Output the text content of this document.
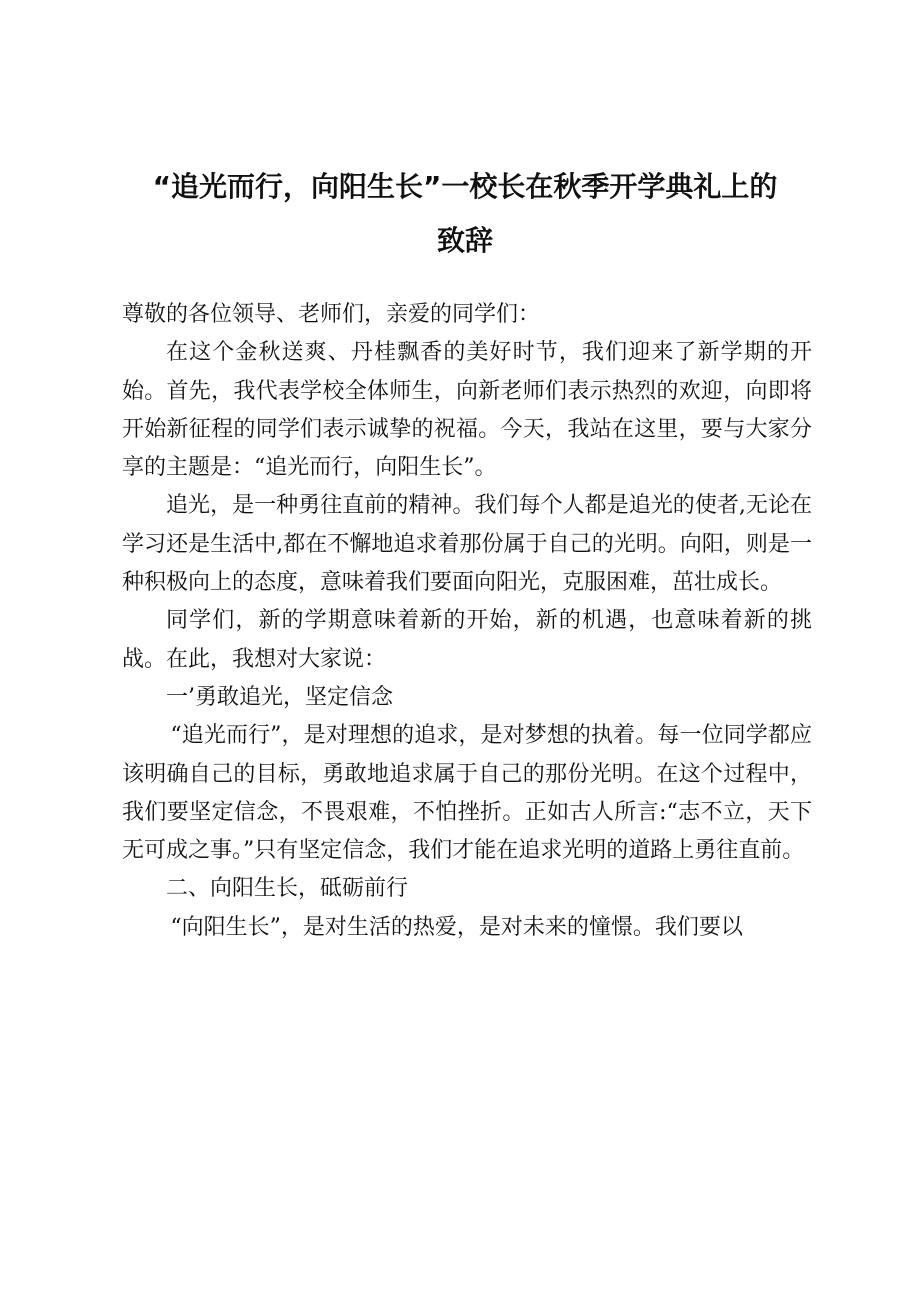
“追光而行，向阳生长”一校长在秋季开学典礼上的
致辞

尊敬的各位领导、老师们，亲爱的同学们：

在这个金秋送爽、丹桂飘香的美好时节，我们迎来了新学期的开始。首先，我代表学校全体师生，向新老师们表示热烈的欢迎，向即将开始新征程的同学们表示诚挚的祝福。今天，我站在这里，要与大家分享的主题是：“追光而行，向阳生长”。

追光，是一种勇往直前的精神。我们每个人都是追光的使者,无论在学习还是生活中,都在不懈地追求着那份属于自己的光明。向阳，则是一种积极向上的态度，意味着我们要面向阳光，克服困难，茁壮成长。

同学们，新的学期意味着新的开始，新的机遇，也意味着新的挑战。在此，我想对大家说：

一’勇敢追光，坚定信念

“追光而行”，是对理想的追求，是对梦想的执着。每一位同学都应该明确自己的目标，勇敢地追求属于自己的那份光明。在这个过程中，我们要坚定信念，不畏艰难，不怕挫折。正如古人所言:“志不立，天下无可成之事。”只有坚定信念，我们才能在追求光明的道路上勇往直前。

二、向阳生长，砥砺前行

“向阳生长”，是对生活的热爱，是对未来的憧憬。我们要以
